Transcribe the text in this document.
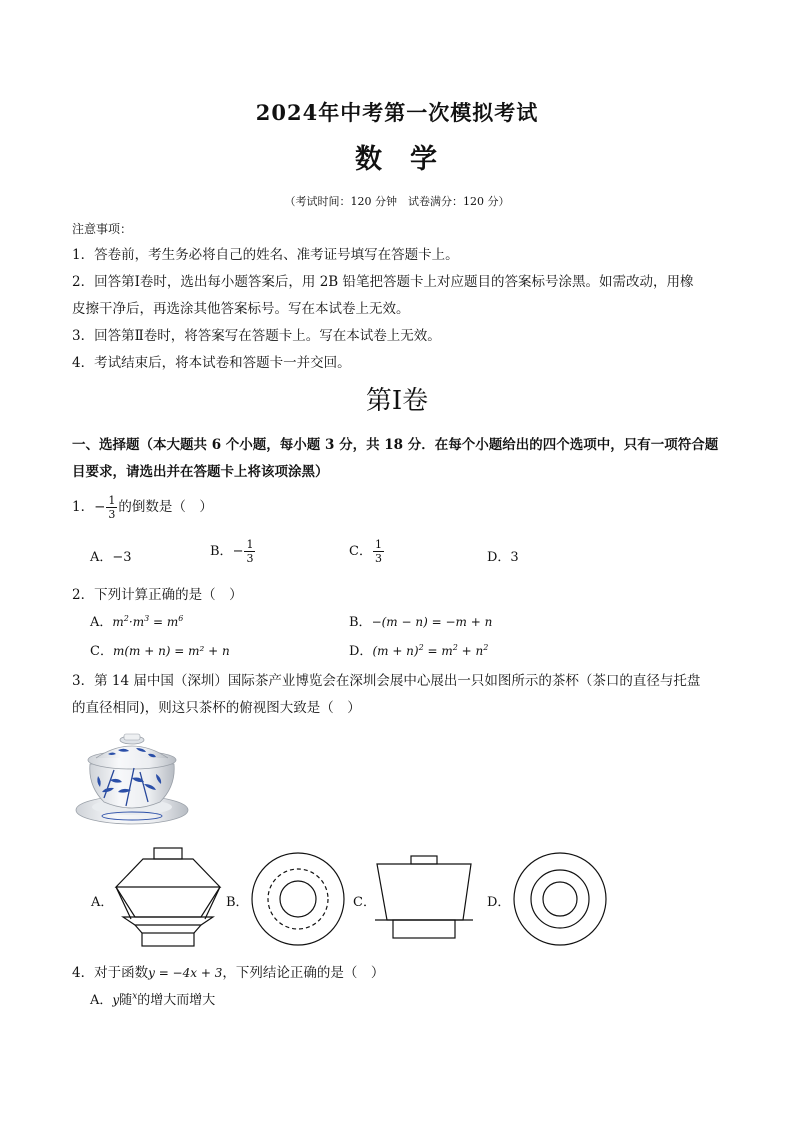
2024年中考第一次模拟考试
数 学
（考试时间：120 分钟　试卷满分：120 分）
注意事项：
1．答卷前，考生务必将自己的姓名、准考证号填写在答题卡上。
2．回答第Ⅰ卷时，选出每小题答案后，用 2B 铅笔把答题卡上对应题目的答案标号涂黑。如需改动，用橡
皮擦干净后，再选涂其他答案标号。写在本试卷上无效。
3．回答第Ⅱ卷时，将答案写在答题卡上。写在本试卷上无效。
4．考试结束后，将本试卷和答题卡一并交回。
第Ⅰ卷
一、选择题（本大题共 6 个小题，每小题 3 分，共 18 分．在每个小题给出的四个选项中，只有一项符合题
目要求，请选出并在答题卡上将该项涂黑）
1．− $\frac{1}{3}$ 的倒数是（　）
A．−3	B．− $\frac{1}{3}$	C． $\frac{1}{3}$	D．3
2．下列计算正确的是（　）
A．$m^2\cdot m^3 = m^6$	B．−(m − n) = −m + n
C．m(m + n) = m² + n	D．$(m + n)^2 = m^2 + n^2$
3．第 14 届中国（深圳）国际茶产业博览会在深圳会展中心展出一只如图所示的茶杯（茶口的直径与托盘
的直径相同)，则这只茶杯的俯视图大致是（　）
A．	B．	C．	D．
4．对于函数y = −4x + 3，下列结论正确的是（　）
A．y随$^x$的增大而增大
